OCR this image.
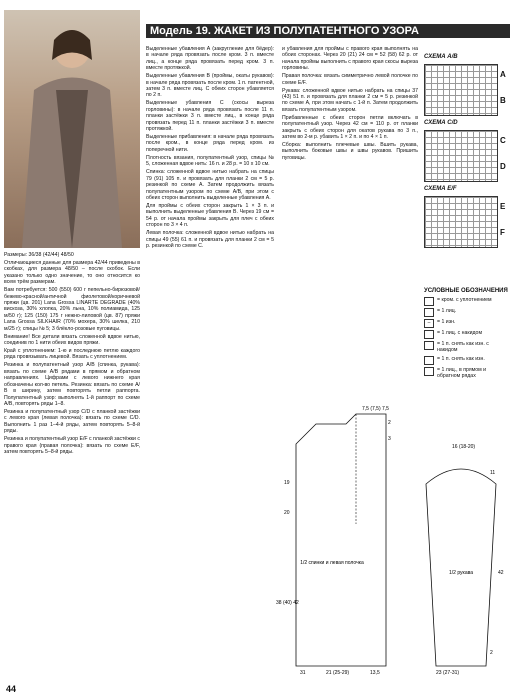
Модель 19. ЖАКЕТ ИЗ ПОЛУПАТЕНТНОГО УЗОРА

Размеры: 36/38 (42/44) 48/50

Отличающиеся данные для размера 42/44 приведены в скобках, для размера 48/50 – после скобок. Если указано только одно значение, то оно относится ко всем трём размерам.

Вам потребуется: 500 (550) 600 г пепельно-бирюзовой/бежево-красной/античной фиолетовой/коричневой пряжи (цв. 201) Lana Grossa LINARTE DEGRADE (40% вискоза, 30% хлопка, 20% льна, 10% полиамида, 125 м/50 г); 125 (150) 175 г нежно-лиловой (цв. 87) пряжи Lana Grossa SILKHAIR (70% мохера, 30% шелка, 210 м/25 г); спицы № 5; 3 блёкло-розовые пуговицы.

Внимание! Все детали вязать сложенной вдвое нитью, соединив по 1 нити обеих видов пряжи.

Край с уплотнением: 1-ю и последнюю петлю каждого ряда провязывать лицевой. Вязать с уплотнением.

Резинка и полупатентный узор А/В (спинка, рукава): вязать по схеме А/В рядами в прямом и обратном направлениях. Цифрами с левого нижнего края обозначены кол-во петель. Резинка: вязать по схеме А/В в ширину, затем повторять петли раппорта. Полупатентный узор: выполнять 1-й раппорт по схеме А/В, повторять ряды 1–8.

Резинка и полупатентный узор С/D с планкой застёжки с левого края (левая полочка): вязать по схеме C/D. Выполнить 1 раз 1–4-й ряды, затем повторять 5–8-й ряды.

Резинка и полупатентный узор Е/F с планкой застёжки с правого края (правая полочка): вязать по схеме Е/F, затем повторять 5–8-й ряды.

Выделенные убавления А (закругление для бёдер): в начале ряда провязать после кром. 3 п. вместе лиц., а конце ряда провязать перед кром. 3 п. вместе протяжкой.

Выделенные убавления В (проймы, окаты рукавов): в начале ряда провязать после кром. 1 п. патентной, затем 3 п. вместе лиц. С обеих сторон убавляется по 2 п.

Выделенные убавления С (скосы выреза горловины): в начале ряда провязать после 11 п. планки застёжки 3 п. вместе лиц., в конце ряда провязать перед 11 п. планки застёжки 3 п. вместе протяжкой.

Выделенные прибавления: в начале ряда провязать после кром., в конце ряда перед кром. из поперечной нити.

Плотность вязания, полупатентный узор, спицы № 5, сложенная вдвое нить: 16 п. и 28 р. = 10 х 10 см.

Спинка: сложенной вдвое нитью набрать на спицы 79 (91) 105 п. и провязать для планки 2 см = 5 р. резинкой по схеме А. Затем продолжить вязать полупатентным узором по схеме А/В, при этом с обеих сторон выполнить выделенные убавления А.

Для проймы с обеих сторон закрыть 1 × 3 п. и выполнить выделенные убавления В. Через 19 см = 54 р. от начала проймы закрыть для плеч с обеих сторон по 3 × 4 п.

Левая полочка: сложенной вдвое нитью набрать на спицы 49 (55) 61 п. и провязать для планки 2 см = 5 р. резинкой по схеме С.

и убавления для проймы с правого края выполнять на обоих сторонах. Через 20 (21) 24 см = 52 (58) 62 р. от начала проймы выполнить с правого края скосы выреза горловины.

Правая полочка: вязать симметрично левой полочке по схеме Е/F.

Рукава: сложенной вдвое нитью набрать на спицы 37 (43) 51 п. и провязать для планки 2 см = 5 р. резинкой по схеме А, при этом начать с 1-й п. Затем продолжить вязать полупатентным узором.

Прибавленные с обеих сторон петли включать в полупатентный узор. Через 42 см = 110 р. от планки закрыть с обеих сторон для окатов рукава по 3 п., затем во 2-м р. убавить 1 × 2 п. и по 4 × 1 п.

Сборка: выполнить плечевые швы. Вшить рукава, выполнить боковые швы и швы рукавов. Пришить пуговицы.

СХЕМА А/В
А
В
СХЕМА С/D
С
D
СХЕМА Е/F
Е
F
УСЛОВНЫЕ ОБОЗНАЧЕНИЯ
= кром. с уплотнением
= 1 лиц.
–	= 1 изн.
= 1 лиц. с накидом
= 1 п. снять как изн. с накидом
= 1 п. снять как изн.
= 1 лиц., в прямом и обратном рядах
1/2 спинки и левая полочка
1/2 рукава
7,5 (7,5) 7,5
2
3
19
20
38 (40) 42
31	21 (25-29)	13,5
16 (18-20)
11
2
23 (27-31)
42
44
